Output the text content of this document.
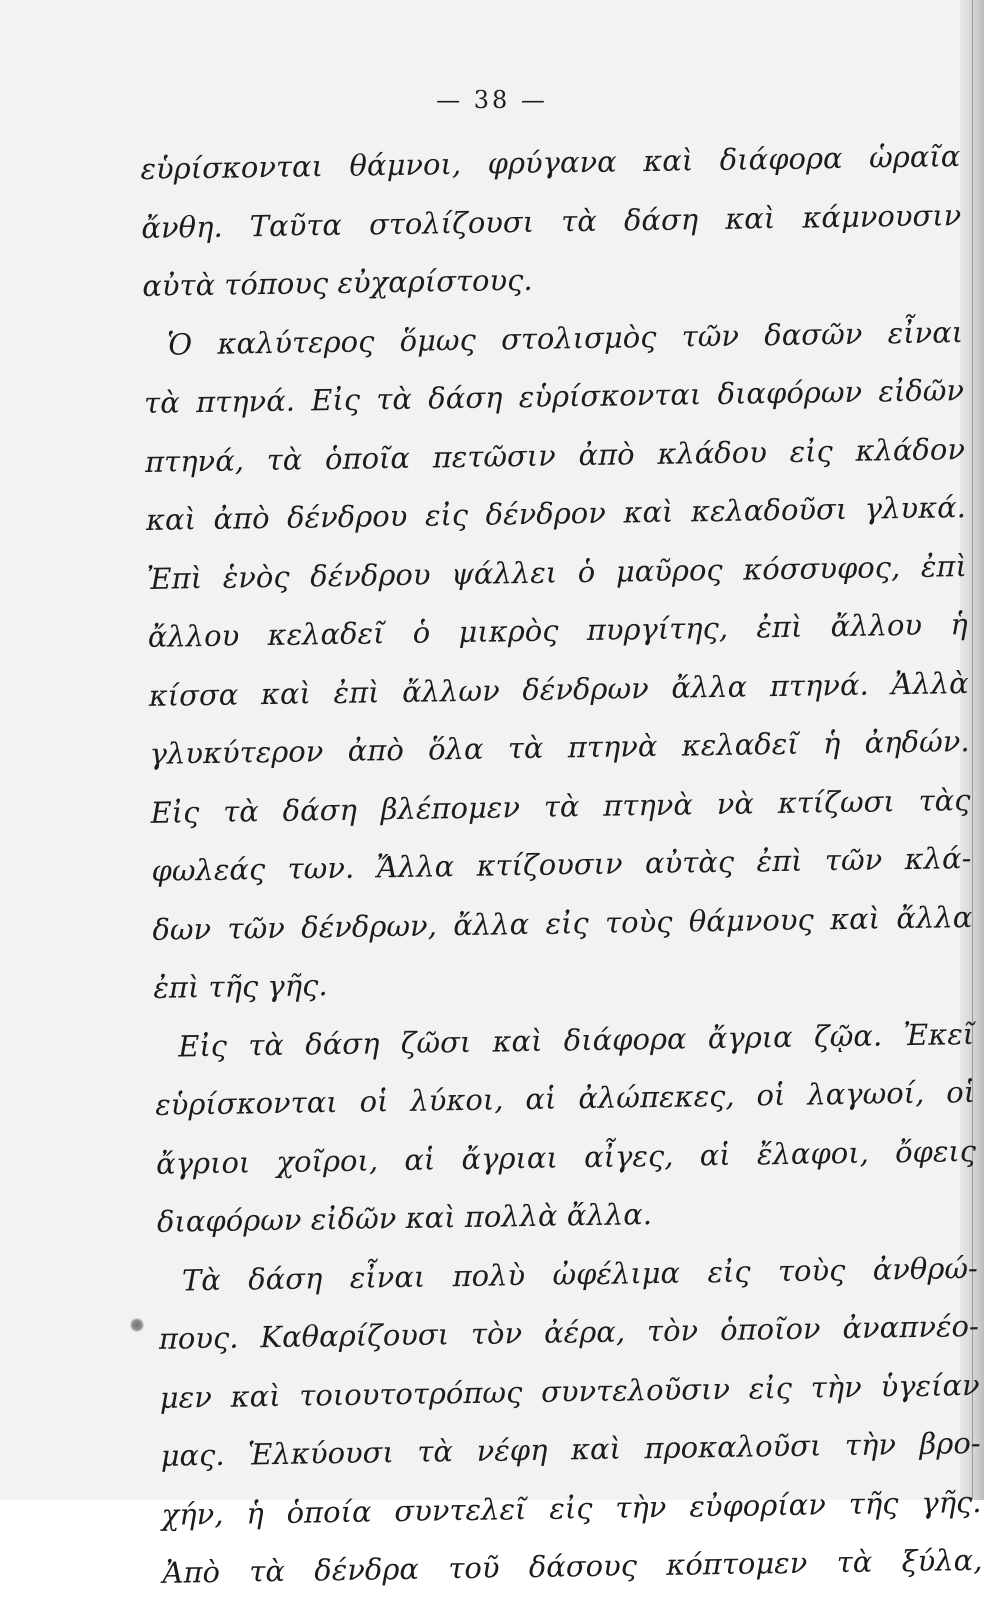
— 38 —
εὑρίσκονται θάμνοι, φρύγανα καὶ διάφορα ὡραῖα
ἄνθη. Ταῦτα στολίζουσι τὰ δάση καὶ κάμνουσιν
αὐτὰ τόπους εὐχαρίστους.
Ὁ καλύτερος ὅμως στολισμὸς τῶν δασῶν εἶναι
τὰ πτηνά. Εἰς τὰ δάση εὑρίσκονται διαφόρων εἰδῶν
πτηνά, τὰ ὁποῖα πετῶσιν ἀπὸ κλάδου εἰς κλάδον
καὶ ἀπὸ δένδρου εἰς δένδρον καὶ κελαδοῦσι γλυκά.
Ἐπὶ ἑνὸς δένδρου ψάλλει ὁ μαῦρος κόσσυφος, ἐπὶ
ἄλλου κελαδεῖ ὁ μικρὸς πυργίτης, ἐπὶ ἄλλου ἡ
κίσσα καὶ ἐπὶ ἄλλων δένδρων ἄλλα πτηνά. Ἀλλὰ
γλυκύτερον ἀπὸ ὅλα τὰ πτηνὰ κελαδεῖ ἡ ἀηδών.
Εἰς τὰ δάση βλέπομεν τὰ πτηνὰ νὰ κτίζωσι τὰς
φωλεάς των. Ἄλλα κτίζουσιν αὐτὰς ἐπὶ τῶν κλά-
δων τῶν δένδρων, ἄλλα εἰς τοὺς θάμνους καὶ ἄλλα
ἐπὶ τῆς γῆς.
Εἰς τὰ δάση ζῶσι καὶ διάφορα ἄγρια ζῷα. Ἐκεῖ
εὑρίσκονται οἱ λύκοι, αἱ ἀλώπεκες, οἱ λαγωοί, οἱ
ἄγριοι χοῖροι, αἱ ἄγριαι αἶγες, αἱ ἔλαφοι, ὄφεις
διαφόρων εἰδῶν καὶ πολλὰ ἄλλα.
Τὰ δάση εἶναι πολὺ ὠφέλιμα εἰς τοὺς ἀνθρώ-
πους. Καθαρίζουσι τὸν ἀέρα, τὸν ὁποῖον ἀναπνέο-
μεν καὶ τοιουτοτρόπως συντελοῦσιν εἰς τὴν ὑγείαν
μας. Ἑλκύουσι τὰ νέφη καὶ προκαλοῦσι τὴν βρο-
χήν, ἡ ὁποία συντελεῖ εἰς τὴν εὐφορίαν τῆς γῆς.
Ἀπὸ τὰ δένδρα τοῦ δάσους κόπτομεν τὰ ξύλα,
